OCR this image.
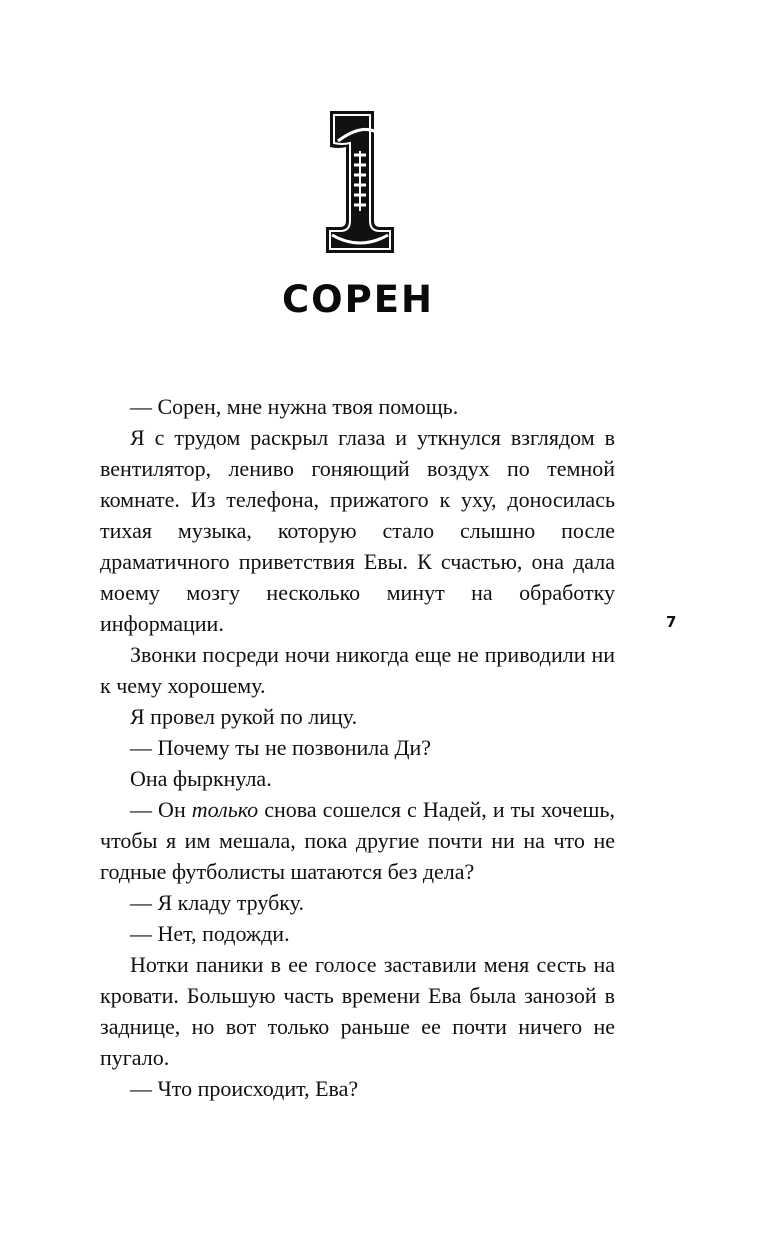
СОРЕН

— Сорен, мне нужна твоя помощь.

Я с трудом раскрыл глаза и уткнулся взглядом в вентилятор, лениво гоняющий воздух по темной комнате. Из телефона, прижатого к уху, доносилась тихая музыка, которую стало слышно после драматичного приветствия Евы. К счастью, она дала моему мозгу несколько минут на обработку информации.

Звонки посреди ночи никогда еще не приводили ни к чему хорошему.

Я провел рукой по лицу.

— Почему ты не позвонила Ди?

Она фыркнула.

— Он только снова сошелся с Надей, и ты хочешь, чтобы я им мешала, пока другие почти ни на что не годные футболисты шатаются без дела?

— Я кладу трубку.

— Нет, подожди.

Нотки паники в ее голосе заставили меня сесть на кровати. Большую часть времени Ева была занозой в заднице, но вот только раньше ее почти ничего не пугало.

— Что происходит, Ева?

7
